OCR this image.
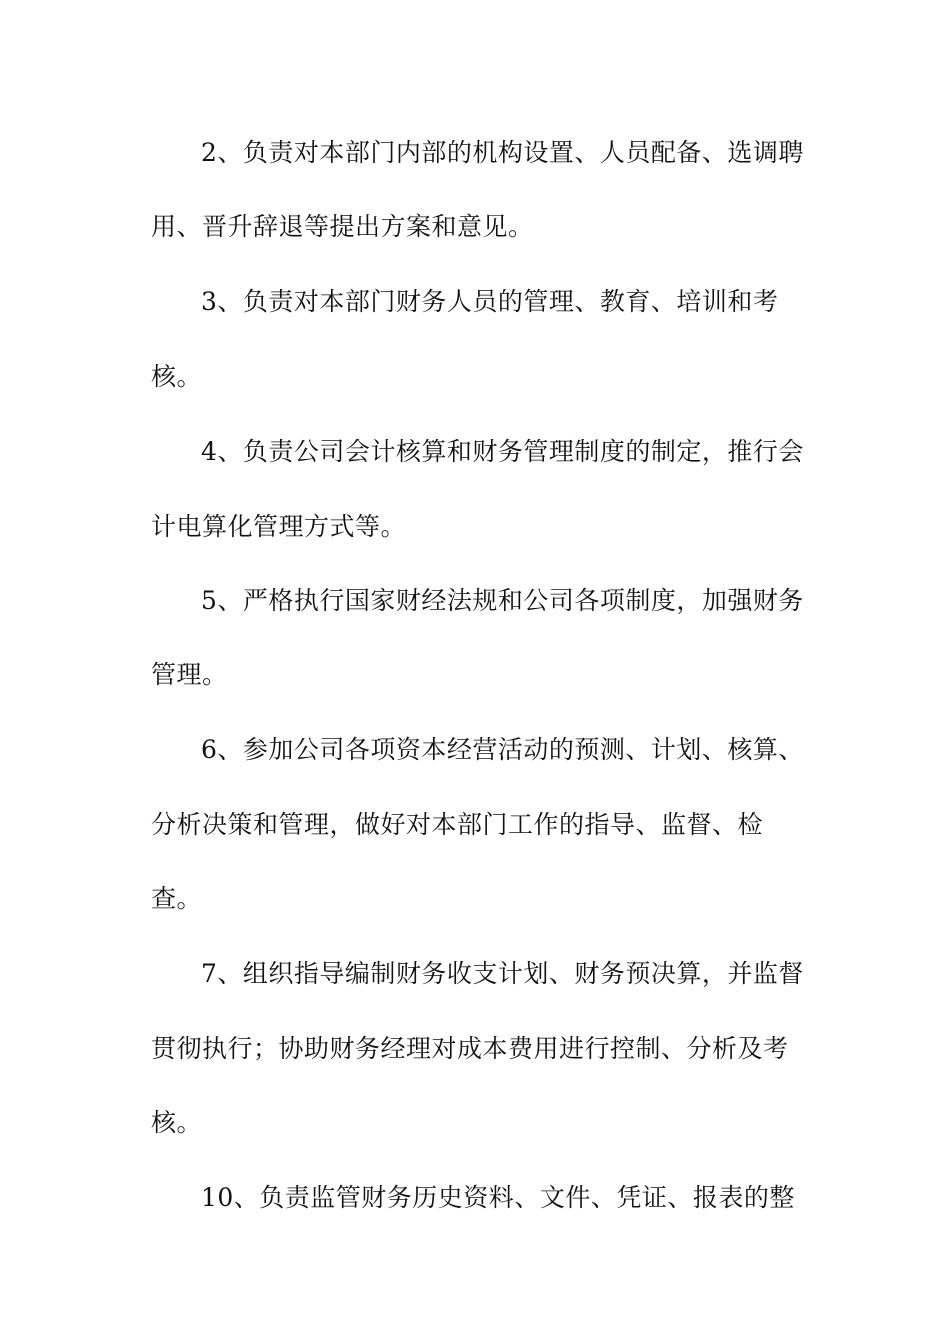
2、负责对本部门内部的机构设置、人员配备、选调聘
用、晋升辞退等提出方案和意见。
3、负责对本部门财务人员的管理、教育、培训和考
核。
4、负责公司会计核算和财务管理制度的制定，推行会
计电算化管理方式等。
5、严格执行国家财经法规和公司各项制度，加强财务
管理。
6、参加公司各项资本经营活动的预测、计划、核算、
分析决策和管理，做好对本部门工作的指导、监督、检
查。
7、组织指导编制财务收支计划、财务预决算，并监督
贯彻执行；协助财务经理对成本费用进行控制、分析及考
核。
10、负责监管财务历史资料、文件、凭证、报表的整
